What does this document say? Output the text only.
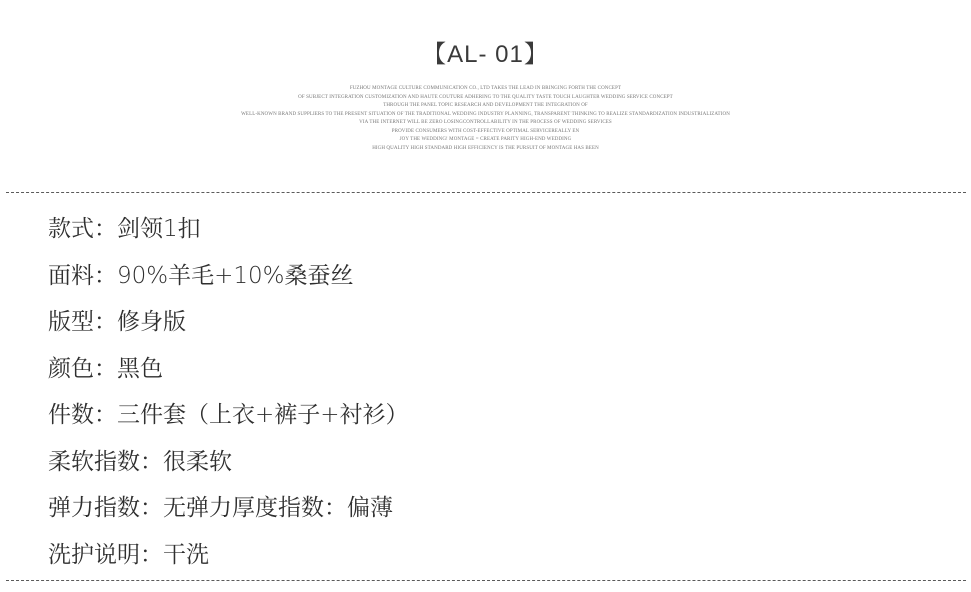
【AL- 01】
FUZHOU MONTAGE CULTURE COMMUNICATION CO., LTD TAKES THE LEAD IN BRINGING FORTH THE CONCEPT
OF SUBJECT INTEGRATION CUSTOMIZATION AND HAUTE COUTURE ADHERING TO THE QUALITY TASTE TOUCH LAUGHTER WEDDING SERVICE CONCEPT
THROUGH THE PANEL TOPIC RESEARCH AND DEVELOPMENT THE INTEGRATION OF
WELL-KNOWN BRAND SUPPLIERS TO THE PRESENT SITUATION OF THE TRADITIONAL WEDDING INDUSTRY PLANNING, TRANSPARENT THINKING TO REALIZE STANDARDIZATION INDUSTRIALIZATION
VIA THE INTERNET WILL BE ZERO LOSINGCONTROLLABILITY IN THE PROCESS OF WEDDING SERVICES
PROVIDE CONSUMERS WITH COST-EFFECTIVE OPTIMAL SERVICEREALLY EN
JOY THE WEDDING! MONTAGE = CREATE PARITY HIGH-END WEDDING
HIGH QUALITY HIGH STANDARD HIGH EFFICIENCY IS THE PURSUIT OF MONTAGE HAS BEEN
款式：剑领1扣
面料：90%羊毛+10%桑蚕丝
版型：修身版
颜色：黑色
件数：三件套（上衣+裤子+衬衫）
柔软指数：很柔软
弹力指数：无弹力厚度指数：偏薄
洗护说明：干洗
